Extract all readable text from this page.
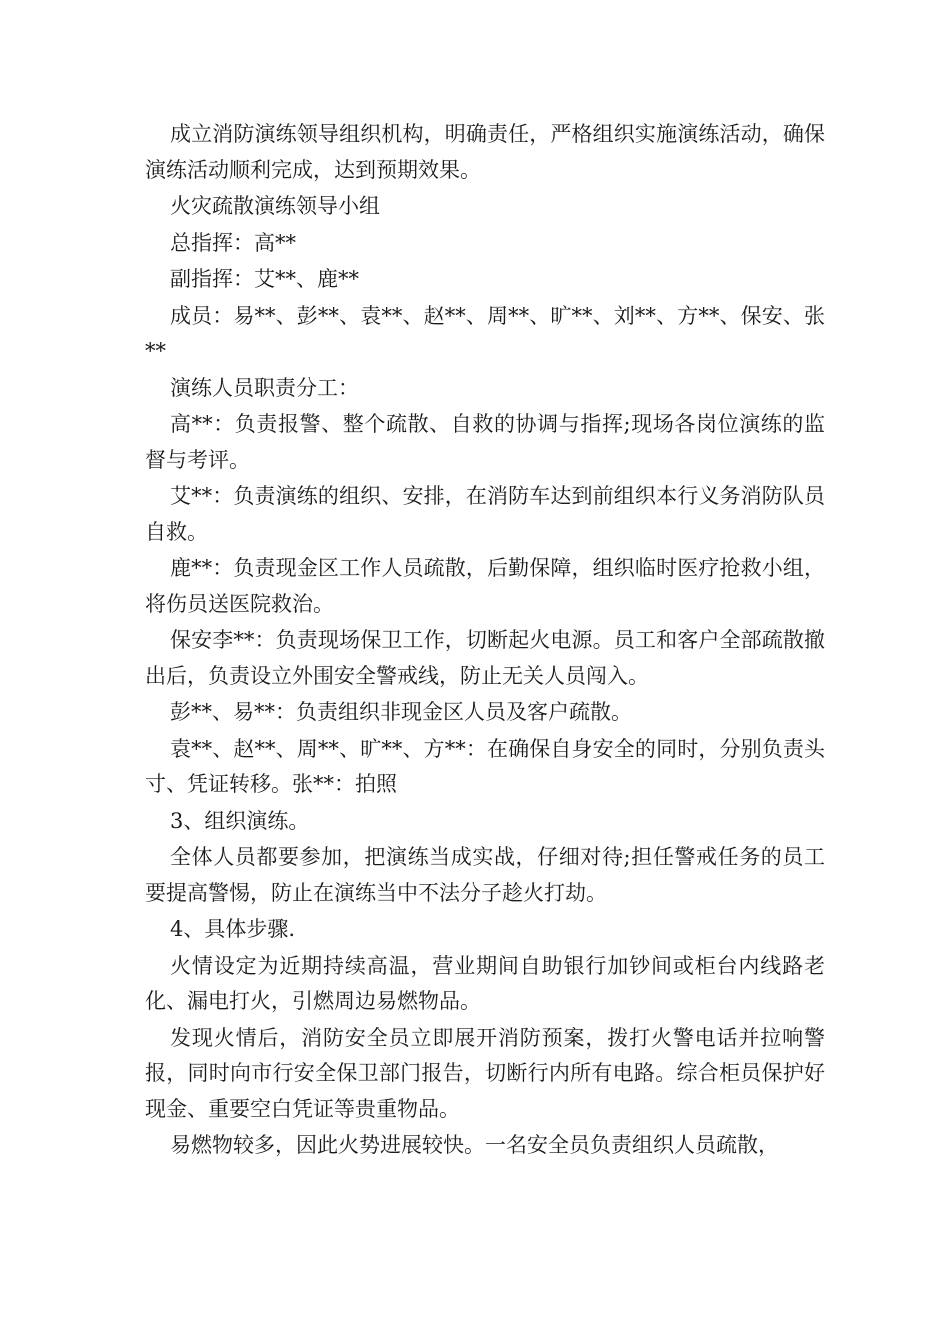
成立消防演练领导组织机构，明确责任，严格组织实施演练活动，确保演练活动顺利完成，达到预期效果。

火灾疏散演练领导小组

总指挥：高**

副指挥：艾**、鹿**

成员：易**、彭**、袁**、赵**、周**、旷**、刘**、方**、保安、张**

演练人员职责分工：

高**：负责报警、整个疏散、自救的协调与指挥;现场各岗位演练的监督与考评。

艾**：负责演练的组织、安排，在消防车达到前组织本行义务消防队员自救。

鹿**：负责现金区工作人员疏散，后勤保障，组织临时医疗抢救小组，将伤员送医院救治。

保安李**：负责现场保卫工作，切断起火电源。员工和客户全部疏散撤出后，负责设立外围安全警戒线，防止无关人员闯入。

彭**、易**：负责组织非现金区人员及客户疏散。

袁**、赵**、周**、旷**、方**：在确保自身安全的同时，分别负责头寸、凭证转移。张**：拍照

3、组织演练。

全体人员都要参加，把演练当成实战，仔细对待;担任警戒任务的员工要提高警惕，防止在演练当中不法分子趁火打劫。

4、具体步骤.

火情设定为近期持续高温，营业期间自助银行加钞间或柜台内线路老化、漏电打火，引燃周边易燃物品。

发现火情后，消防安全员立即展开消防预案，拨打火警电话并拉响警报，同时向市行安全保卫部门报告，切断行内所有电路。综合柜员保护好现金、重要空白凭证等贵重物品。

易燃物较多，因此火势进展较快。一名安全员负责组织人员疏散，
